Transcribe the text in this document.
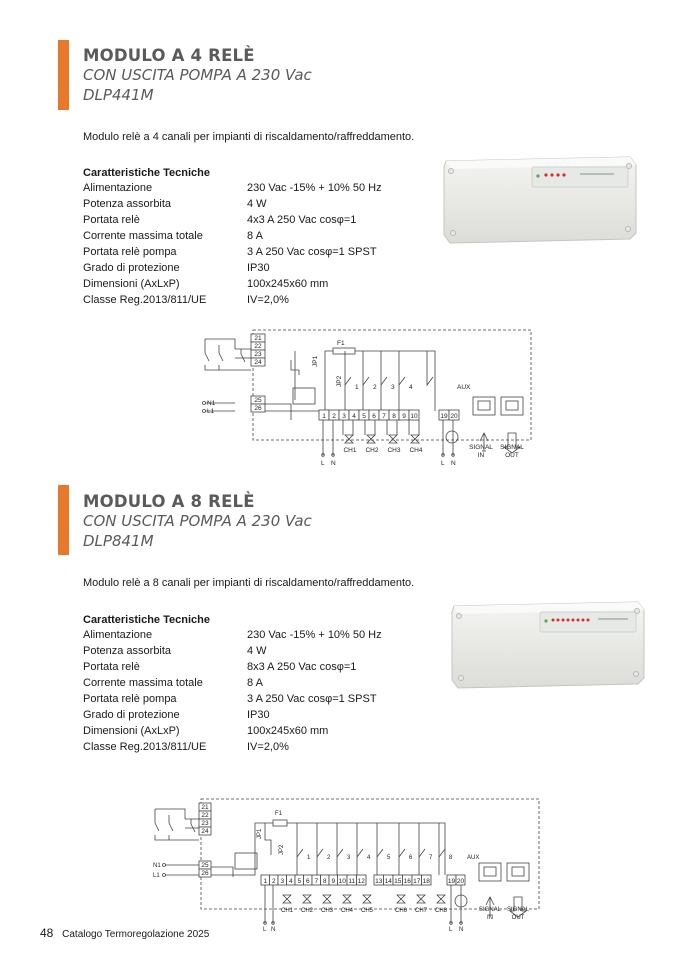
MODULO A 4 RELÈ
CON USCITA POMPA A 230 Vac
DLP441M
Modulo relè a 4 canali per impianti di riscaldamento/raffreddamento.
Caratteristiche Tecniche
Alimentazione	230 Vac -15% + 10% 50 Hz
Potenza assorbita	4 W
Portata relè	4x3 A 250 Vac cosφ=1
Corrente massima totale	8 A
Portata relè pompa	3 A 250 Vac cosφ=1 SPST
Grado di protezione	IP30
Dimensioni (AxLxP)	100x245x60 mm
Classe Reg.2013/811/UE	IV=2,0%
21
22
23
24
25
26
1 2 3 4 5 6 7 8 9 10	19 20
F1
JP1
JP2
1 2 3 4	AUX
N1
L1
CH1 CH2 CH3 CH4
L N	L N
SIGNAL
IN
SIGNAL
OUT
MODULO A 8 RELÈ
CON USCITA POMPA A 230 Vac
DLP841M
Modulo relè a 8 canali per impianti di riscaldamento/raffreddamento.
Caratteristiche Tecniche
Alimentazione	230 Vac -15% + 10% 50 Hz
Potenza assorbita	4 W
Portata relè	8x3 A 250 Vac cosφ=1
Corrente massima totale	8 A
Portata relè pompa	3 A 250 Vac cosφ=1 SPST
Grado di protezione	IP30
Dimensioni (AxLxP)	100x245x60 mm
Classe Reg.2013/811/UE	IV=2,0%
21
22
23
24
25
26
1 2 3 4 5 6 7 8 9 10 11 12 13 14 15 16 17 18	19 20
F1
JP1
JP2
1	2	3	4	5	6	7	8 AUX
N1
L1
CH1 CH2 CH3 CH4 CH5	CH6 CH7 CH8
L N	L N
SIGNAL
IN
SIGNAL
OUT
48 Catalogo Termoregolazione 2025
